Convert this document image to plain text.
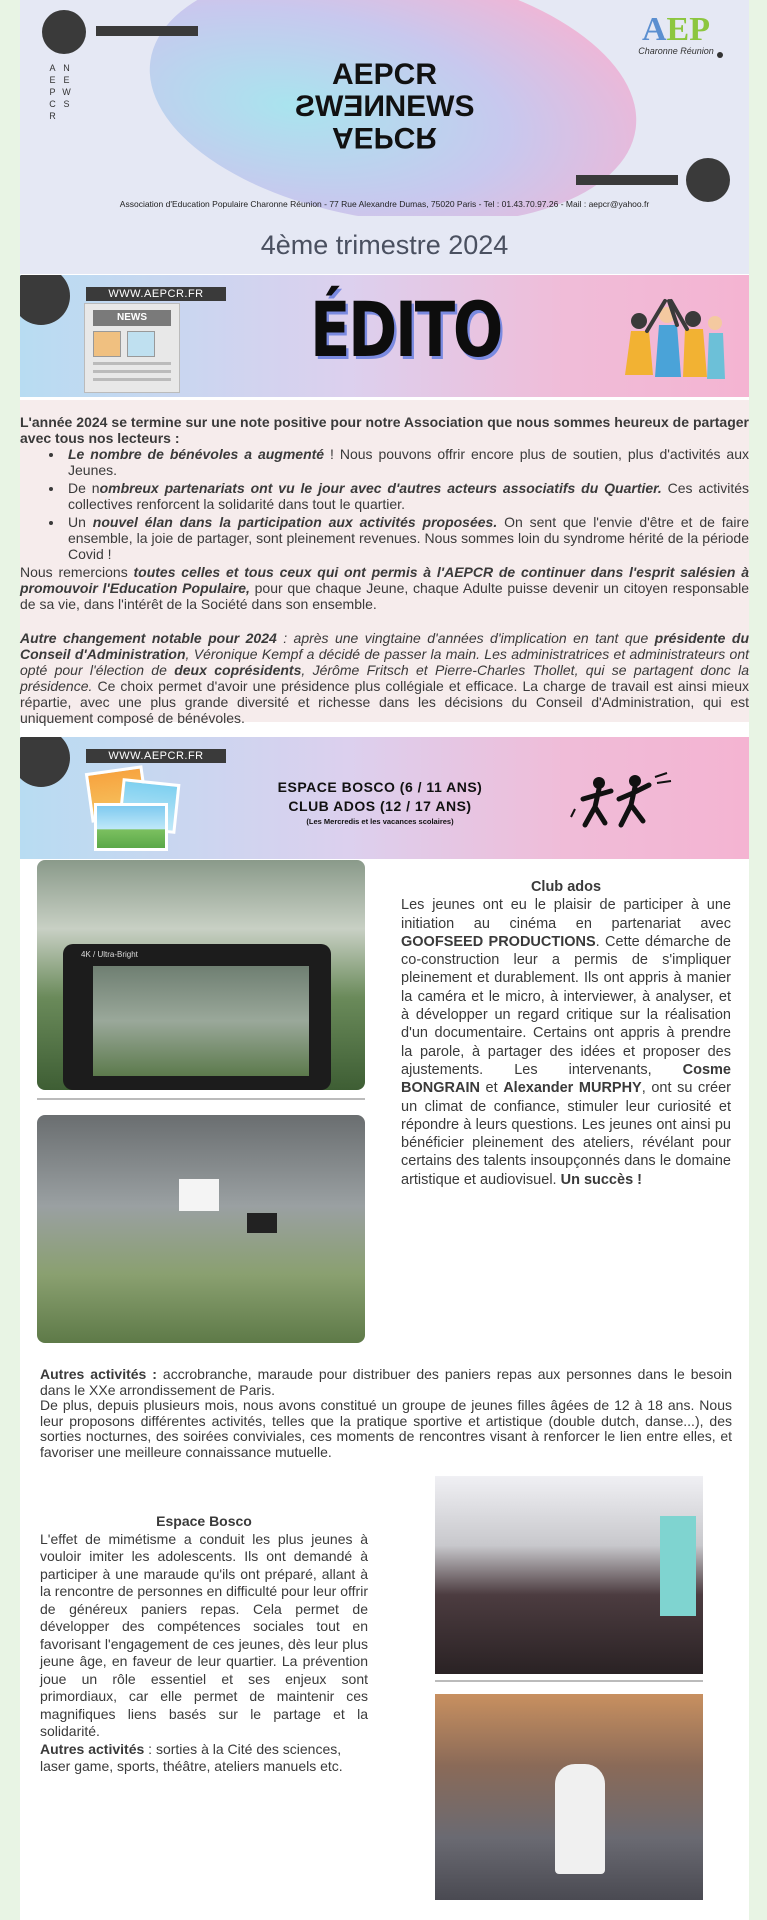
A
E
P
C
R
N
E
W
S
AEPCR
NEWSNEWS
AEPCR
AEP
Charonne Réunion
Association d'Education Populaire Charonne Réunion - 77 Rue Alexandre Dumas, 75020 Paris - Tel : 01.43.70.97.26 - Mail : aepcr@yahoo.fr
4ème trimestre 2024
WWW.AEPCR.FR
NEWS	ÉDITO

L'année 2024 se termine sur une note positive pour notre Association que nous sommes heureux de partager avec tous nos lecteurs :

• Le nombre de bénévoles a augmenté ! Nous pouvons offrir encore plus de soutien, plus d'activités aux Jeunes.
• De nombreux partenariats ont vu le jour avec d'autres acteurs associatifs du Quartier. Ces activités collectives renforcent la solidarité dans tout le quartier.
• Un nouvel élan dans la participation aux activités proposées. On sent que l'envie d'être et de faire ensemble, la joie de partager, sont pleinement revenues. Nous sommes loin du syndrome hérité de la période Covid !

Nous remercions toutes celles et tous ceux qui ont permis à l'AEPCR de continuer dans l'esprit salésien à promouvoir l'Education Populaire, pour que chaque Jeune, chaque Adulte puisse devenir un citoyen responsable de sa vie, dans l'intérêt de la Société dans son ensemble.

Autre changement notable pour 2024 : après une vingtaine d'années d'implication en tant que présidente du Conseil d'Administration, Véronique Kempf a décidé de passer la main. Les administratrices et administrateurs ont opté pour l'élection de deux coprésidents, Jérôme Fritsch et Pierre-Charles Thollet, qui se partagent donc la présidence. Ce choix permet d'avoir une présidence plus collégiale et efficace. La charge de travail est ainsi mieux répartie, avec une plus grande diversité et richesse dans les décisions du Conseil d'Administration, qui est uniquement composé de bénévoles.

WWW.AEPCR.FR
ESPACE BOSCO (6 / 11 ANS)
CLUB ADOS (12 / 17 ANS)
(Les Mercredis et les vacances scolaires)
4K / Ultra-Bright
Club ados
Les jeunes ont eu le plaisir de participer à une initiation au cinéma en partenariat avec GOOFSEED PRODUCTIONS. Cette démarche de co-construction leur a permis de s'impliquer pleinement et durablement. Ils ont appris à manier la caméra et le micro, à interviewer, à analyser, et à développer un regard critique sur la réalisation d'un documentaire. Certains ont appris à prendre la parole, à partager des idées et proposer des ajustements. Les intervenants, Cosme BONGRAIN et Alexander MURPHY, ont su créer un climat de confiance, stimuler leur curiosité et répondre à leurs questions. Les jeunes ont ainsi pu bénéficier pleinement des ateliers, révélant pour certains des talents insoupçonnés dans le domaine artistique et audiovisuel. Un succès !
Autres activités : accrobranche, maraude pour distribuer des paniers repas aux personnes dans le besoin dans le XXe arrondissement de Paris.
De plus, depuis plusieurs mois, nous avons constitué un groupe de jeunes filles âgées de 12 à 18 ans. Nous leur proposons différentes activités, telles que la pratique sportive et artistique (double dutch, danse...), des sorties nocturnes, des soirées conviviales, ces moments de rencontres visant à renforcer le lien entre elles, et favoriser une meilleure connaissance mutuelle.
Espace Bosco
L'effet de mimétisme a conduit les plus jeunes à vouloir imiter les adolescents. Ils ont demandé à participer à une maraude qu'ils ont préparé, allant à la rencontre de personnes en difficulté pour leur offrir de généreux paniers repas. Cela permet de développer des compétences sociales tout en favorisant l'engagement de ces jeunes, dès leur plus jeune âge, en faveur de leur quartier. La prévention joue un rôle essentiel et ses enjeux sont primordiaux, car elle permet de maintenir ces magnifiques liens basés sur le partage et la solidarité.
Autres activités : sorties à la Cité des sciences, laser game, sports, théâtre, ateliers manuels etc.
